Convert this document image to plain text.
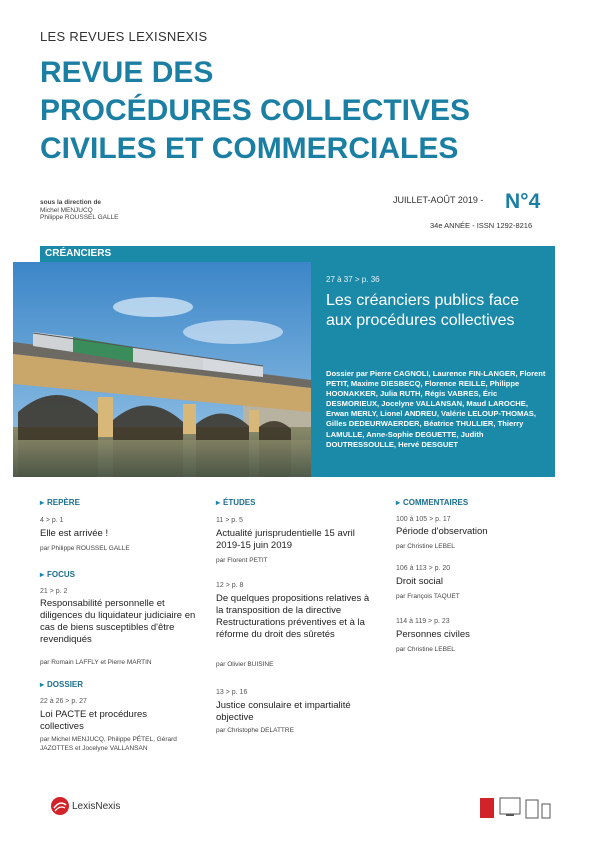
LES REVUES LEXISNEXIS
REVUE DES
PROCÉDURES COLLECTIVES
CIVILES ET COMMERCIALES
sous la direction de
Michel MENJUCQ
Philippe ROUSSEL GALLE
JUILLET-AOÛT 2019 - N°4
34e ANNÉE - ISSN 1292-8216
CRÉANCIERS
27 à 37 > p. 36
Les créanciers publics face aux procédures collectives
Dossier par Pierre CAGNOLI, Laurence FIN-LANGER, Florent PETIT, Maxime DIESBECQ, Florence REILLE, Philippe HOONAKKER, Julia RUTH, Régis VABRES, Éric DESMORIEUX, Jocelyne VALLANSAN, Maud LAROCHE, Erwan MERLY, Lionel ANDREU, Valérie LELOUP-THOMAS, Gilles DEDEURWAERDER, Béatrice THULLIER, Thierry LAMULLE, Anne-Sophie DEGUETTE, Judith DOUTRESSOULLE, Hervé DESGUET
▸ REPÈRE
4 > p. 1
Elle est arrivée !
par Philippe ROUSSEL GALLE
▸ FOCUS
21 > p. 2
Responsabilité personnelle et diligences du liquidateur judiciaire en cas de biens susceptibles d'être revendiqués
par Romain LAFFLY et Pierre MARTIN
▸ DOSSIER
22 à 26 > p. 27
Loi PACTE et procédures collectives
par Michel MENJUCQ, Philippe PÉTEL, Gérard JAZOTTES et Jocelyne VALLANSAN
▸ ÉTUDES
11 > p. 5
Actualité jurisprudentielle 15 avril 2019-15 juin 2019
par Florent PETIT
12 > p. 8
De quelques propositions relatives à la transposition de la directive Restructurations préventives et à la réforme du droit des sûretés
par Olivier BUISINE
13 > p. 16
Justice consulaire et impartialité objective
par Christophe DELATTRE
▸ COMMENTAIRES
100 à 105 > p. 17
Période d'observation
par Christine LEBEL
106 à 113 > p. 20
Droit social
par François TAQUET
114 à 119 > p. 23
Personnes civiles
par Christine LEBEL
LexisNexis
